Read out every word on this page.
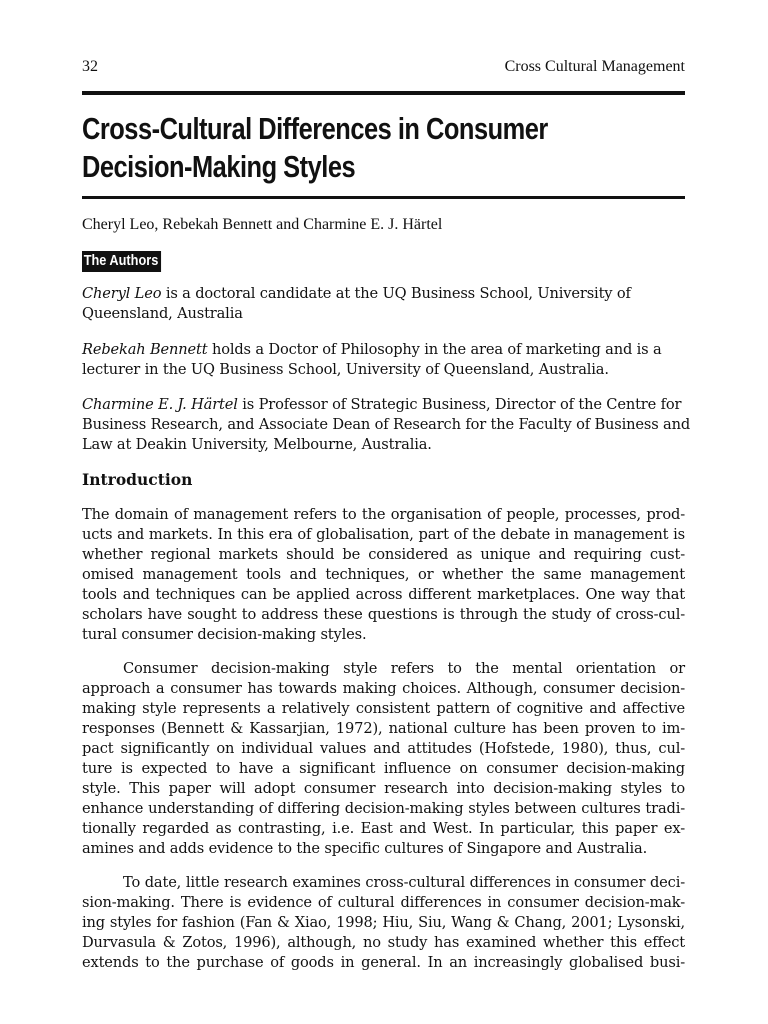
32	Cross Cultural Management
Cross-Cultural Differences in Consumer
Decision-Making Styles
Cheryl Leo, Rebekah Bennett and Charmine E. J. Härtel
The Authors

Cheryl Leo is a doctoral candidate at the UQ Business School, University of
Queensland, Australia

Rebekah Bennett holds a Doctor of Philosophy in the area of marketing and is a
lecturer in the UQ Business School, University of Queensland, Australia.

Charmine E. J. Härtel is Professor of Strategic Business, Director of the Centre for
Business Research, and Associate Dean of Research for the Faculty of Business and
Law at Deakin University, Melbourne, Australia.

Introduction

The domain of management refers to the organisation of people, processes, prod-
ucts and markets. In this era of globalisation, part of the debate in management is
whether regional markets should be considered as unique and requiring cust-
omised management tools and techniques, or whether the same management
tools and techniques can be applied across different marketplaces. One way that
scholars have sought to address these questions is through the study of cross-cul-
tural consumer decision-making styles.

Consumer decision-making style refers to the mental orientation or
approach a consumer has towards making choices. Although, consumer decision-
making style represents a relatively consistent pattern of cognitive and affective
responses (Bennett & Kassarjian, 1972), national culture has been proven to im-
pact significantly on individual values and attitudes (Hofstede, 1980), thus, cul-
ture is expected to have a significant influence on consumer decision-making
style. This paper will adopt consumer research into decision-making styles to
enhance understanding of differing decision-making styles between cultures tradi-
tionally regarded as contrasting, i.e. East and West. In particular, this paper ex-
amines and adds evidence to the specific cultures of Singapore and Australia.

To date, little research examines cross-cultural differences in consumer deci-
sion-making. There is evidence of cultural differences in consumer decision-mak-
ing styles for fashion (Fan & Xiao, 1998; Hiu, Siu, Wang & Chang, 2001; Lysonski,
Durvasula & Zotos, 1996), although, no study has examined whether this effect
extends to the purchase of goods in general. In an increasingly globalised busi-
